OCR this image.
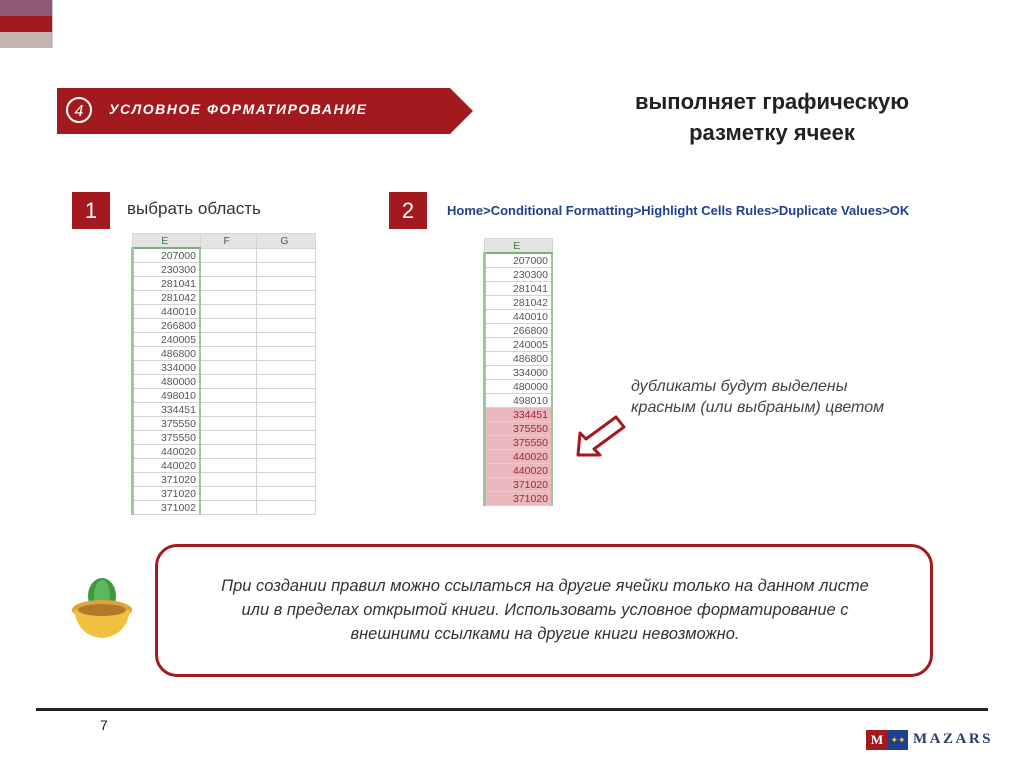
4	УСЛОВНОЕ ФОРМАТИРОВАНИЕ	выполняет графическую
разметку ячеек
1	выбрать область	2	Home>Conditional Formatting>Highlight Cells Rules>Duplicate Values>OK
E	F	G
207000		
230300		
281041		
281042		
440010		
266800		
240005		
486800		
334000		
480000		
498010		
334451		
375550		
375550		
440020		
440020		
371020		
371020		
371002		
E
207000
230300
281041
281042
440010
266800
240005
486800
334000
480000
498010
334451
375550
375550
440020
440020
371020
371020
дубликаты будут выделены
красным (или выбраным) цветом
При создании правил можно ссылаться на другие ячейки только на данном листе
или в пределах открытой книги. Использовать условное форматирование с
внешними ссылками на другие книги невозможно.
7
M ✦✦ MAZARS
